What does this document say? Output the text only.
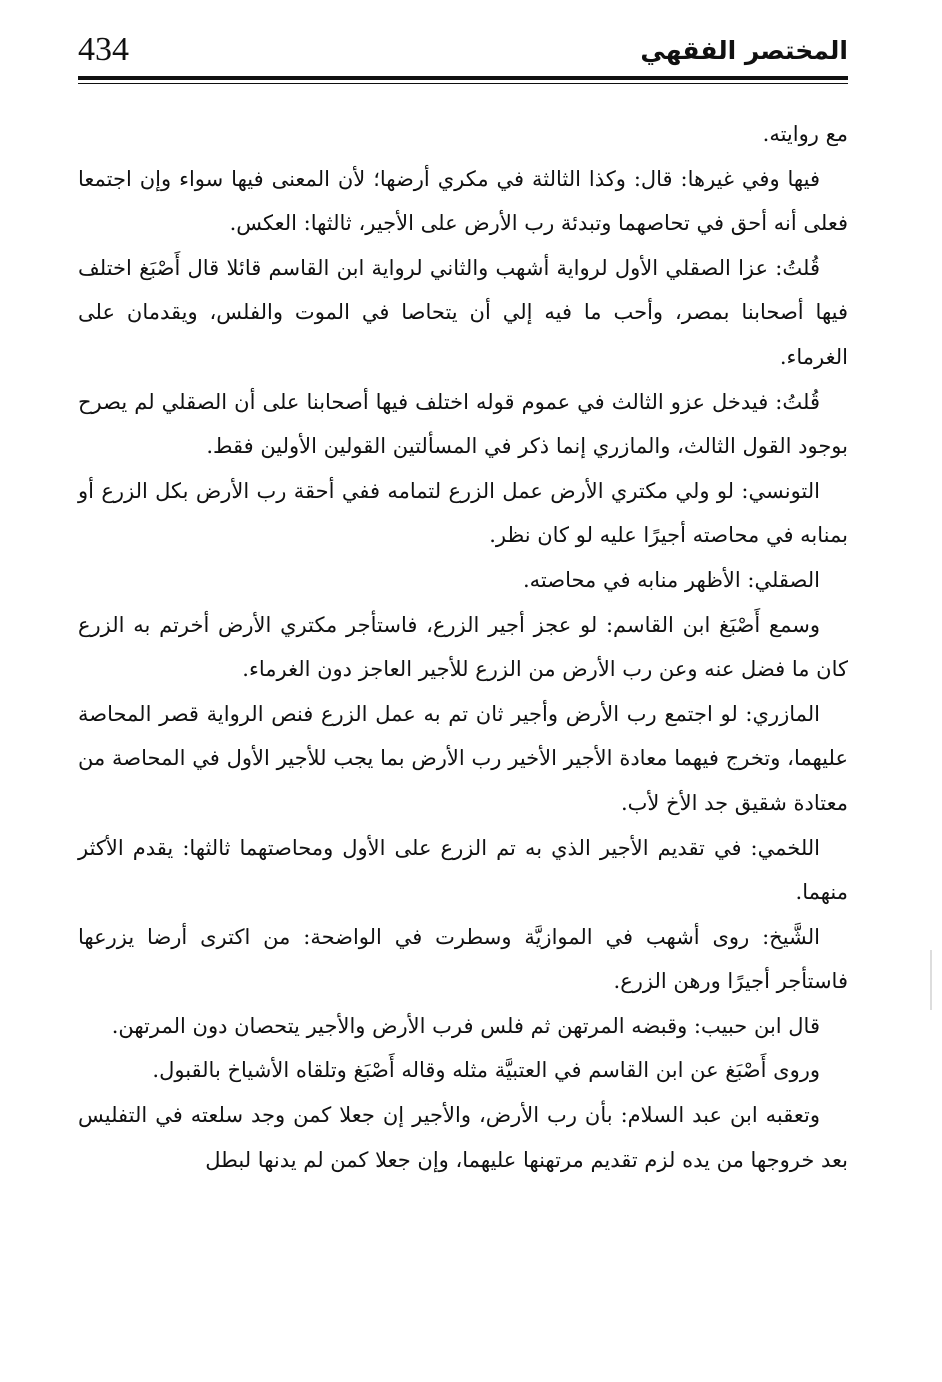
434	المختصر الفقهي

مع روايته.

فيها وفي غيرها: قال: وكذا الثالثة في مكري أرضها؛ لأن المعنى فيها سواء وإن اجتمعا فعلى أنه أحق في تحاصهما وتبدئة رب الأرض على الأجير، ثالثها: العكس.

قُلتُ: عزا الصقلي الأول لرواية أشهب والثاني لرواية ابن القاسم قائلا قال أَصْبَغ اختلف فيها أصحابنا بمصر، وأحب ما فيه إلي أن يتحاصا في الموت والفلس، ويقدمان على الغرماء.

قُلتُ: فيدخل عزو الثالث في عموم قوله اختلف فيها أصحابنا على أن الصقلي لم يصرح بوجود القول الثالث، والمازري إنما ذكر في المسألتين القولين الأولين فقط.

التونسي: لو ولي مكتري الأرض عمل الزرع لتمامه ففي أحقة رب الأرض بكل الزرع أو بمنابه في محاصته أجيرًا عليه لو كان نظر.

الصقلي: الأظهر منابه في محاصته.

وسمع أَصْبَغ ابن القاسم: لو عجز أجير الزرع، فاستأجر مكتري الأرض أخرتم به الزرع كان ما فضل عنه وعن رب الأرض من الزرع للأجير العاجز دون الغرماء.

المازري: لو اجتمع رب الأرض وأجير ثان تم به عمل الزرع فنص الرواية قصر المحاصة عليهما، وتخرج فيهما معادة الأجير الأخير رب الأرض بما يجب للأجير الأول في المحاصة من معتادة شقيق جد الأخ لأب.

اللخمي: في تقديم الأجير الذي به تم الزرع على الأول ومحاصتهما ثالثها: يقدم الأكثر منهما.

الشَّيخ: روى أشهب في الموازيَّة وسطرت في الواضحة: من اكترى أرضا يزرعها فاستأجر أجيرًا ورهن الزرع.

قال ابن حبيب: وقبضه المرتهن ثم فلس فرب الأرض والأجير يتحصان دون المرتهن.

وروى أَصْبَغ عن ابن القاسم في العتبيَّة مثله وقاله أَصْبَغ وتلقاه الأشياخ بالقبول.

وتعقبه ابن عبد السلام: بأن رب الأرض، والأجير إن جعلا كمن وجد سلعته في التفليس بعد خروجها من يده لزم تقديم مرتهنها عليهما، وإن جعلا كمن لم يدنها لبطل
